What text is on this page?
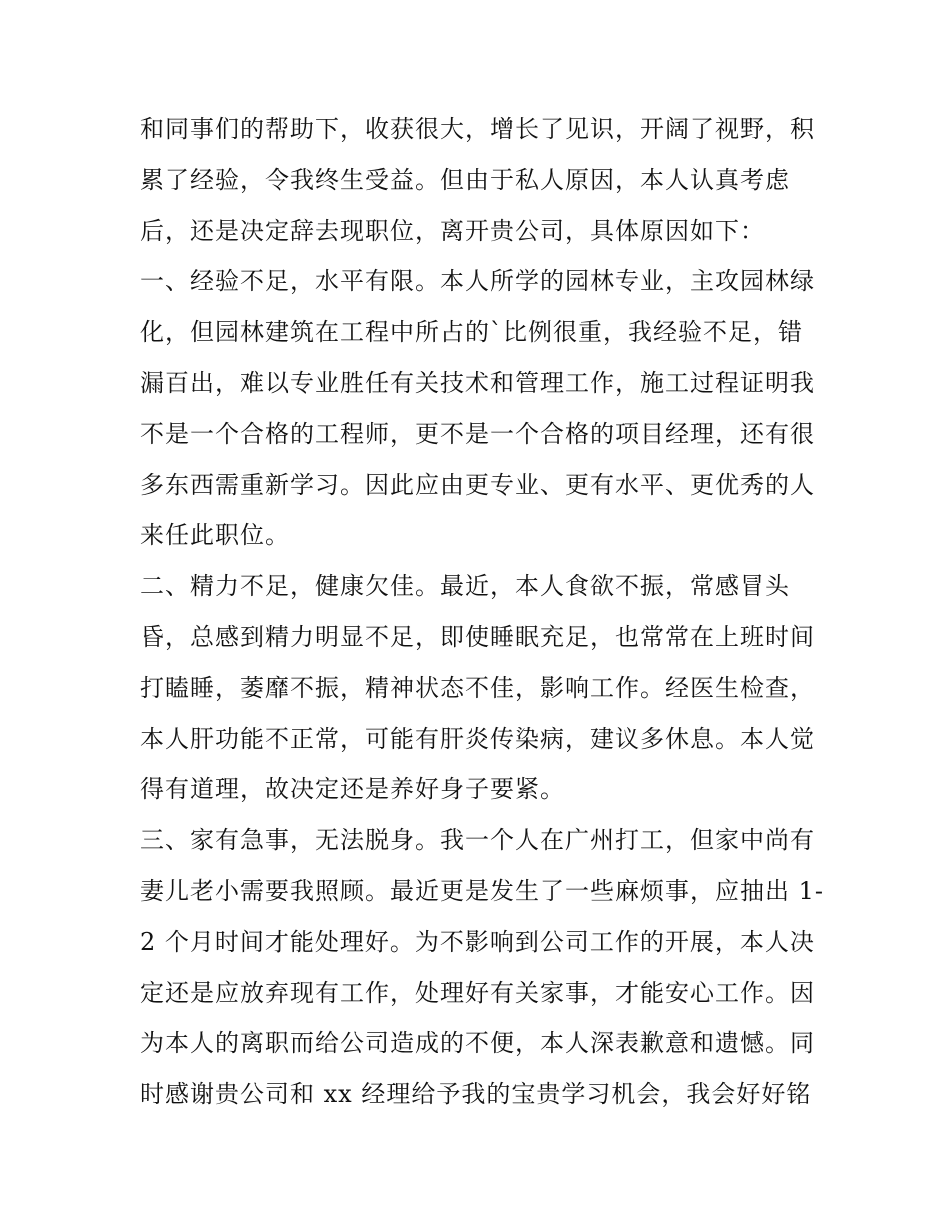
和同事们的帮助下，收获很大，增长了见识，开阔了视野，积
累了经验，令我终生受益。但由于私人原因，本人认真考虑
后，还是决定辞去现职位，离开贵公司，具体原因如下：
一、经验不足，水平有限。本人所学的园林专业，主攻园林绿
化，但园林建筑在工程中所占的`比例很重，我经验不足，错
漏百出，难以专业胜任有关技术和管理工作，施工过程证明我
不是一个合格的工程师，更不是一个合格的项目经理，还有很
多东西需重新学习。因此应由更专业、更有水平、更优秀的人
来任此职位。
二、精力不足，健康欠佳。最近，本人食欲不振，常感冒头
昏，总感到精力明显不足，即使睡眠充足，也常常在上班时间
打瞌睡，萎靡不振，精神状态不佳，影响工作。经医生检查，
本人肝功能不正常，可能有肝炎传染病，建议多休息。本人觉
得有道理，故决定还是养好身子要紧。
三、家有急事，无法脱身。我一个人在广州打工，但家中尚有
妻儿老小需要我照顾。最近更是发生了一些麻烦事，应抽出 1-
2 个月时间才能处理好。为不影响到公司工作的开展，本人决
定还是应放弃现有工作，处理好有关家事，才能安心工作。因
为本人的离职而给公司造成的不便，本人深表歉意和遗憾。同
时感谢贵公司和 xx 经理给予我的宝贵学习机会，我会好好铭
